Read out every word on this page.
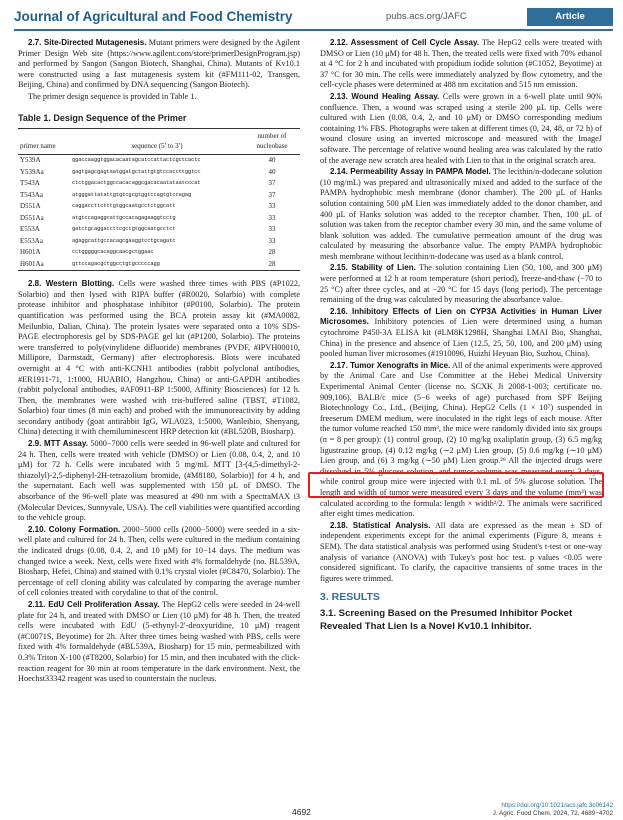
Journal of Agricultural and Food Chemistry	pubs.acs.org/JAFC	Article

2.7. Site-Directed Mutagenesis. Mutant primers were designed by the Agilent Primer Design Web site (https://www.agilent.com/store/primerDesignProgram.jsp) and performed by Sangon (Sangon Biotech, Shanghai, China). Mutants of Kv10.1 were constructed using a fast mutagenesis system kit (#FM111-02, Transgen, Beijing, China) and confirmed by DNA sequencing (Sangon Biotech).

The primer design sequence is provided in Table 1.

Table 1. Design Sequence of the Primer
primer name	sequence (5′ to 3′)	number of nucleobase
Y539A	ggaccaaggtggacacaatagcatccattactcgctcactc	40
Y539Aa	gagtgagcgagtaatggatgctattgtgtccaccttggtcc	40
T543A	ctctggacactggccacacaggcgacacaatataatcccat	37
T543Aa	atgggattatattgtgtcgcgtggtccagtgtccagag	37
D551A	caggaccttctctgtggcaatgcctctggcatt	33
D551Aa	atgtccagaggcattgccacagagaaggtcctg	33
E553A	gatctgcaggaccttcgctgtggcaatgcctct	33
E553Aa	agaggcattgccacagcgaaggtcctgcagatc	33
H601A	cctgggggcacaggcaacgctggaac	28
H601Aa	gttccagacgctggcctgtgcccccagg	28

2.8. Western Blotting. Cells were washed three times with PBS (#P1022, Solarbio) and then lysed with RIPA buffer (#R0020, Solarbio) with complete protease inhibitor and phosphatase inhibitor (#P0100, Solarbio). The protein quantification was performed using the BCA protein assay kit (#MA0082, Meilunbio, Dalian, China). The protein lysates were separated onto a 10% SDS-PAGE electrophoresis gel by SDS-PAGE gel kit (#P1200, Solarbio). The proteins were transferred to poly(vinylidene difluoride) membranes (PVDF, #IPVH00010, Millipore, Darmstadt, Germany) after electrophoresis. Blots were incubated overnight at 4 °C with anti-KCNH1 antibodies (rabbit polyclonal antibodies, #ER1911-71, 1:1000, HUABIO, Hangzhou, China) or anti-GAPDH antibodies (rabbit polyclonal antibodies, #AF0911-BP 1:5000, Affinity Biosciences) for 12 h. Then, the membranes were washed with tris-buffered saline (TBST, #T1082, Solarbio) four times (8 min each) and probed with the immunoreactivity by adding secondary antibody (goat antirabbit IgG, WLA023, 1:5000, Wanleibio, Shenyang, China) detecting it with chemiluminescent HRP detection kit (#BL520B, Biosharp).

2.9. MTT Assay. 5000−7000 cells were seeded in 96-well plate and cultured for 24 h. Then, cells were treated with vehicle (DMSO) or Lien (0.08, 0.4, 2, and 10 μM) for 72 h. Cells were incubated with 5 mg/mL MTT [3-(4,5-dimethyl-2-thiazolyl)-2,5-diphenyl-2H-tetrazolium bromide, (#M8180, Solarbio)] for 4 h, and the supernatant. Each well was supplemented with 150 μL of DMSO. The absorbance of the 96-well plate was measured at 490 nm with a SpectraMAX i3 (Molecular Devices, Sunnyvale, USA). The cell viabilities were quantified according to the vehicle group.

2.10. Colony Formation. 2000−5000 cells (2000−5000) were seeded in a six-well plate and cultured for 24 h. Then, cells were cultured in the medium containing the indicated drugs (0.08, 0.4, 2, and 10 μM) for 10−14 days. The medium was changed twice a week. Next, cells were fixed with 4% formaldehyde (no. BL539A, Biosharp, Hefei, China) and stained with 0.1% crystal violet (#C8470, Solarbio). The percentage of cell cloning ability was calculated by comparing the average number of cell colonies treated with corydaline to that of the control.

2.11. EdU Cell Proliferation Assay. The HepG2 cells were seeded in 24-well plate for 24 h, and treated with DMSO or Lien (10 μM) for 48 h. Then, the treated cells were incubated with EdU (5-ethynyl-2′-deoxyuridine, 10 μM) reagent (#C0071S, Beyotime) for 2h. After three times being washed with PBS, cells were fixed with 4% formaldehyde (#BL539A, Biosharp) for 15 min, permeabilized with 0.3% Triton X-100 (#T8200, Solarbio) for 15 min, and then incubated with the click-reaction reagent for 30 min at room temperature in the dark environment. Next, the Hoechst33342 reagent was used to counterstain the nucleus.

2.12. Assessment of Cell Cycle Assay. The HepG2 cells were treated with DMSO or Lien (10 μM) for 48 h. Then, the treated cells were fixed with 70% ethanol at 4 °C for 2 h and incubated with propidium iodide solution (#C1052, Beyotime) at 37 °C for 30 min. The cells were immediately analyzed by flow cytometry, and the cell-cycle phases were determined at 488 nm excitation and 515 nm emission.

2.13. Wound Healing Assay. Cells were grown in a 6-well plate until 90% confluence. Then, a wound was scraped using a sterile 200 μL tip. Cells were cultured with Lien (0.08, 0.4, 2, and 10 μM) or DMSO corresponding medium containing 1% FBS. Photographs were taken at different times (0, 24, 48, or 72 h) of wound closure using an inverted microscope and measured with the ImageJ software. The percentage of relative wound healing area was calculated by the ratio of the average new scratch area healed with Lien to that in the original scratch area.

2.14. Permeability Assay in PAMPA Model. The lecithin/n-dodecane solution (10 mg/mL) was prepared and ultrasonically mixed and added to the surface of the PAMPA hydrophobic mesh membrane (donor chamber). The 200 μL of Hanks solution containing 500 μM Lien was immediately added to the donor chamber, and 400 μL of Hanks solution was added to the receptor chamber. Then, 100 μL of solution was taken from the receptor chamber every 30 min, and the same volume of blank solution was added. The cumulative permeation amount of the drug was calculated by measuring the absorbance value. The empty PAMPA hydrophobic mesh membrane without lecithin/n-dodecane was used as a blank control.

2.15. Stability of Lien. The solution containing Lien (50, 100, and 300 μM) were performed at 12 h at room temperature (short period), freeze-and-thaw (−70 to 25 °C) after three cycles, and at −20 °C for 15 days (long period). The percentage remaining of the drug was calculated by measuring the absorbance value.

2.16. Inhibitory Effects of Lien on CYP3A Activities in Human Liver Microsomes. Inhibitory potencies of Lien were determined using a human cytochrome P450-3A ELISA kit (#LM8K1298H, Shanghai LMAI Bio, Shanghai, China) in the presence and absence of Lien (12.5, 25, 50, 100, and 200 μM) using pooled human liver microsomes (#1910096, Huizhi Heyuan Bio, Suzhou, China).

2.17. Tumor Xenografts in Mice. All of the animal experiments were approved by the Animal Care and Use Committee at the Hebei Medical University Experimental Animal Center (license no. SCXK Ji 2008-1-003; certificate no. 909,106). BALB/c mice (5−6 weeks of age) purchased from SPF Beijing Biotechnology Co., Ltd., (Beijing, China). HepG2 Cells (1 × 10⁷) suspended in freeserum DMEM medium, were inoculated in the right legs of each mouse. After the tumor volume reached 150 mm³, the mice were randomly divided into six groups (n = 8 per group): (1) control group, (2) 10 mg/kg oxaliplatin group, (3) 6.5 mg/kg ligustrazine group, (4) 0.12 mg/kg (∼2 μM) Lien group, (5) 0.6 mg/kg (∼10 μM) Lien group, and (6) 3 mg/kg (∼50 μM) Lien group.²⁹ All the injected drugs were dissolved in 5% glucose solution, and tumor volume was measured every 3 days, while control group mice were injected with 0.1 mL of 5% glucose solution. The length and width of tumor were measured every 3 days and the volume (mm³) was calculated according to the formula: length × width²/2. The animals were sacrificed after eight times medication.

2.18. Statistical Analysis. All data are expressed as the mean ± SD of independent experiments except for the animal experiments (Figure 8, means ± SEM). The data statistical analysis was performed using Student's t-test or one-way analysis of variance (ANOVA) with Tukey's post hoc test. p values <0.05 were considered significant. To clarify, the capacitive transients of some traces in the figures were trimmed.

3. RESULTS
3.1. Screening Based on the Presumed Inhibitor Pocket Revealed That Lien Is a Novel Kv10.1 Inhibitor.
4692
https://doi.org/10.1021/acs.jafc.3c06142
J. Agric. Food Chem. 2024, 72, 4689−4702
